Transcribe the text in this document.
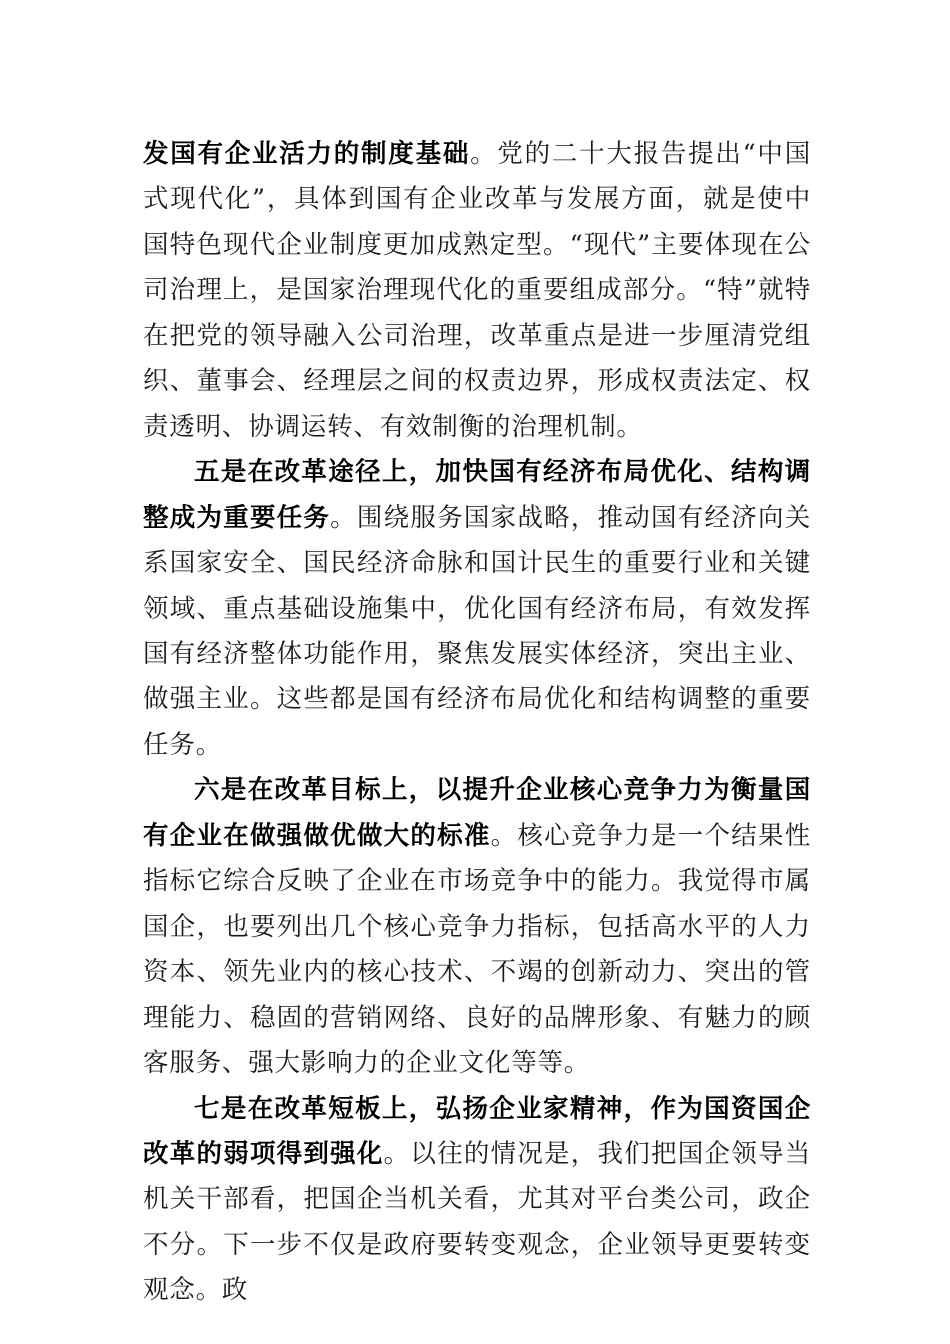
发国有企业活力的制度基础。党的二十大报告提出“中国式现代化”，具体到国有企业改革与发展方面，就是使中国特色现代企业制度更加成熟定型。“现代”主要体现在公司治理上，是国家治理现代化的重要组成部分。“特”就特在把党的领导融入公司治理，改革重点是进一步厘清党组织、董事会、经理层之间的权责边界，形成权责法定、权责透明、协调运转、有效制衡的治理机制。

五是在改革途径上，加快国有经济布局优化、结构调整成为重要任务。围绕服务国家战略，推动国有经济向关系国家安全、国民经济命脉和国计民生的重要行业和关键领域、重点基础设施集中，优化国有经济布局，有效发挥国有经济整体功能作用，聚焦发展实体经济，突出主业、做强主业。这些都是国有经济布局优化和结构调整的重要任务。

六是在改革目标上，以提升企业核心竞争力为衡量国有企业在做强做优做大的标准。核心竞争力是一个结果性指标它综合反映了企业在市场竞争中的能力。我觉得市属国企，也要列出几个核心竞争力指标，包括高水平的人力资本、领先业内的核心技术、不竭的创新动力、突出的管理能力、稳固的营销网络、良好的品牌形象、有魅力的顾客服务、强大影响力的企业文化等等。

七是在改革短板上，弘扬企业家精神，作为国资国企改革的弱项得到强化。以往的情况是，我们把国企领导当机关干部看，把国企当机关看，尤其对平台类公司，政企不分。下一步不仅是政府要转变观念，企业领导更要转变观念。政
